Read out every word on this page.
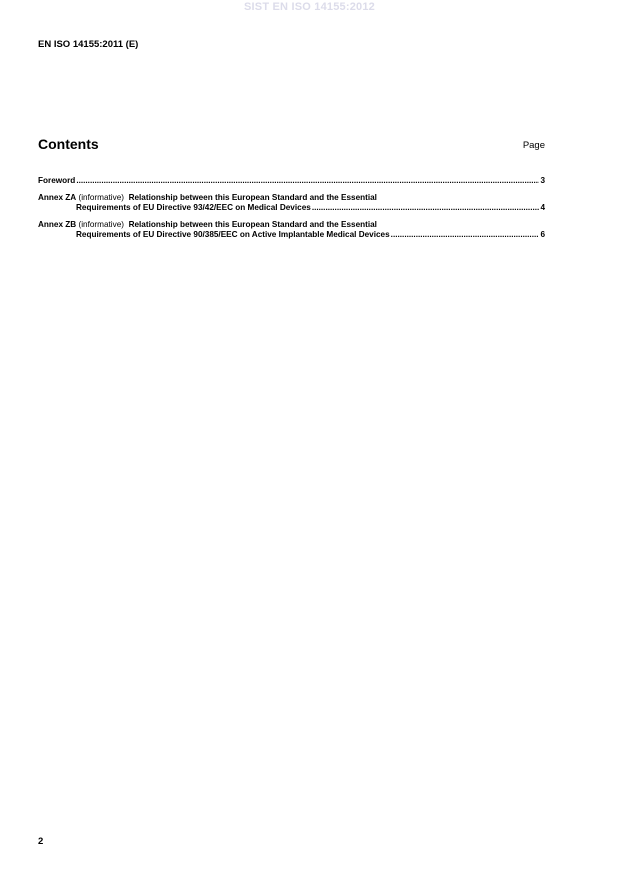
SIST EN ISO 14155:2012
EN ISO 14155:2011 (E)
Contents	Page
Foreword .....	3
Annex ZA
(informative)
Relationship between this European Standard and the Essential
Requirements of EU Directive 93/42/EEC on Medical Devices .....	4
Annex ZB
(informative)
Relationship between this European Standard and the Essential
Requirements of EU Directive 90/385/EEC on Active Implantable Medical Devices .....	6
2
